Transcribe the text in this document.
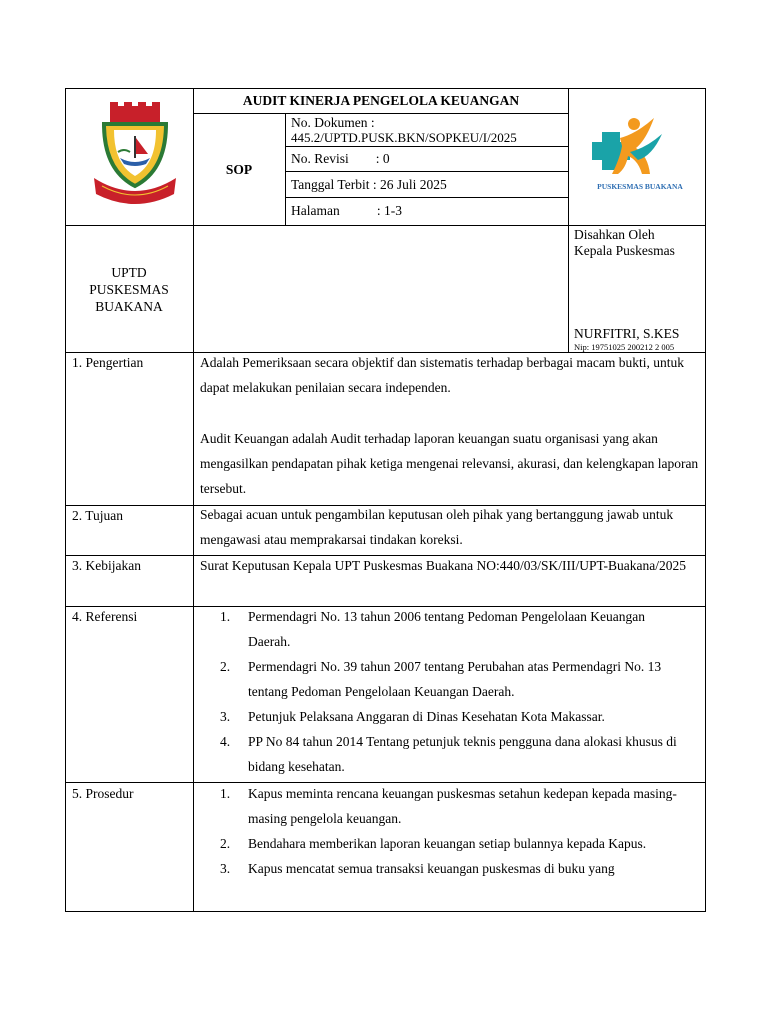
AUDIT KINERJA PENGELOLA KEUANGAN
SOP
No. Dokumen :
445.2/UPTD.PUSK.BKN/SOPKEU/I/2025
No. Revisi        : 0
Tanggal Terbit : 26 Juli 2025
Halaman           : 1-3
PUSKESMAS BUAKANA
UPTD
PUSKESMAS
BUAKANA
Disahkan Oleh
Kepala Puskesmas
NURFITRI, S.KES
Nip: 19751025 200212 2 005
1. Pengertian	Adalah Pemeriksaan secara objektif dan sistematis terhadap berbagai macam bukti, untuk dapat melakukan penilaian secara independen.
Audit Keuangan adalah Audit terhadap laporan keuangan suatu organisasi yang akan mengasilkan pendapatan pihak ketiga mengenai relevansi, akurasi, dan kelengkapan laporan tersebut.
2. Tujuan	Sebagai acuan untuk pengambilan keputusan oleh pihak yang bertanggung jawab untuk mengawasi atau memprakarsai tindakan koreksi.
3. Kebijakan	Surat Keputusan Kepala UPT Puskesmas Buakana NO:440/03/SK/III/UPT-Buakana/2025
4. Referensi	1. Permendagri No. 13 tahun 2006 tentang Pedoman Pengelolaan Keuangan Daerah.
2. Permendagri No. 39 tahun 2007 tentang Perubahan atas Permendagri No. 13 tentang Pedoman Pengelolaan Keuangan Daerah.
3. Petunjuk Pelaksana Anggaran di Dinas Kesehatan Kota Makassar.
4. PP No 84 tahun 2014 Tentang petunjuk teknis pengguna dana alokasi khusus di bidang kesehatan.
5. Prosedur	1. Kapus meminta rencana keuangan puskesmas setahun kedepan kepada masing-masing pengelola keuangan.
2. Bendahara memberikan laporan keuangan setiap bulannya kepada Kapus.
3. Kapus mencatat semua transaksi keuangan puskesmas di buku yang
